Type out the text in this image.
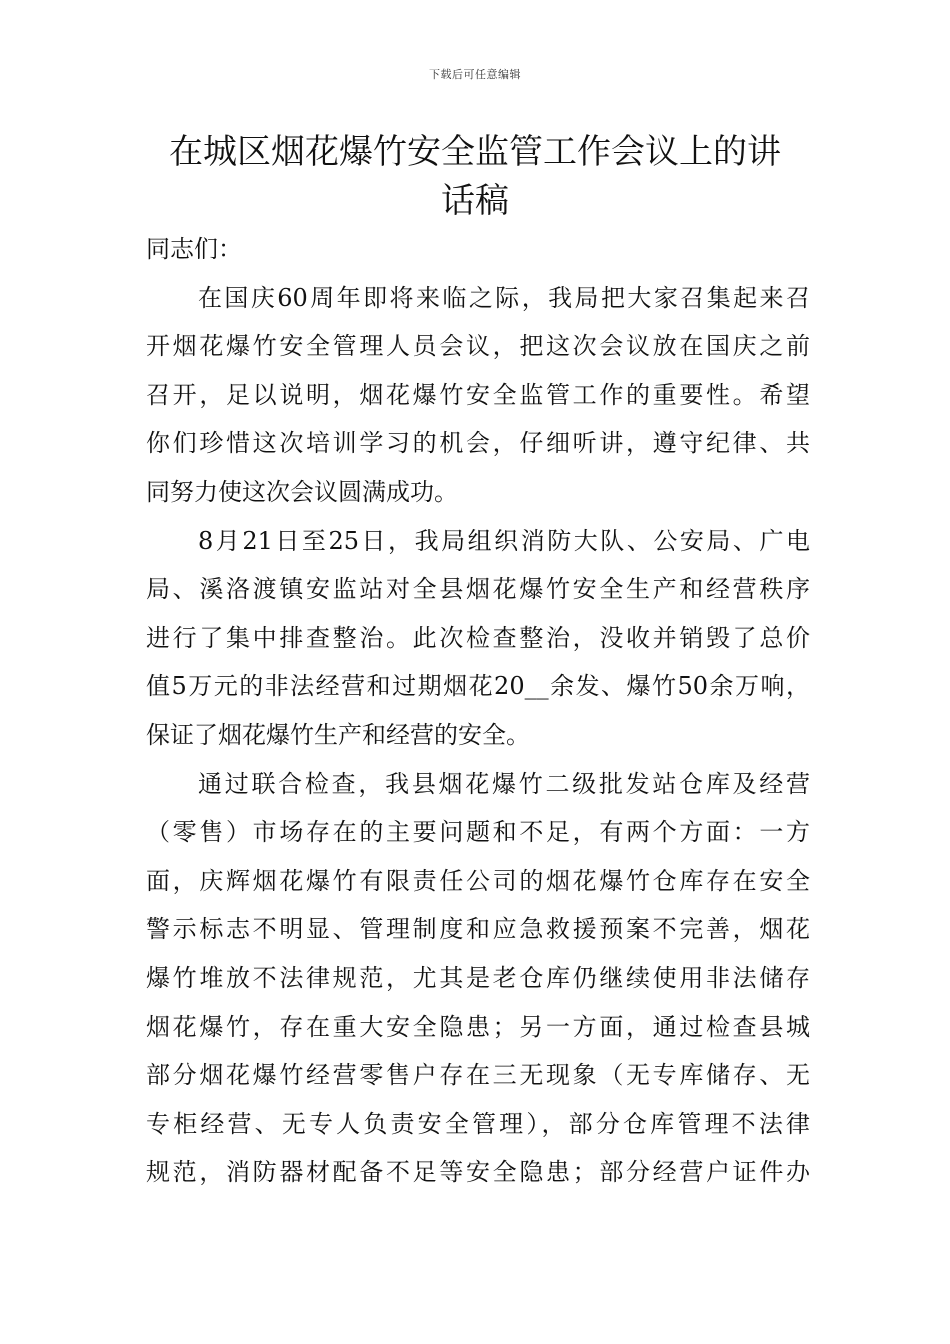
下载后可任意编辑
在城区烟花爆竹安全监管工作会议上的讲
话稿

同志们：

在国庆60周年即将来临之际，我局把大家召集起来召
开烟花爆竹安全管理人员会议，把这次会议放在国庆之前
召开，足以说明，烟花爆竹安全监管工作的重要性。希望
你们珍惜这次培训学习的机会，仔细听讲，遵守纪律、共
同努力使这次会议圆满成功。
8月21日至25日，我局组织消防大队、公安局、广电
局、溪洛渡镇安监站对全县烟花爆竹安全生产和经营秩序
进行了集中排查整治。此次检查整治，没收并销毁了总价
值5万元的非法经营和过期烟花20__余发、爆竹50余万响，
保证了烟花爆竹生产和经营的安全。
通过联合检查，我县烟花爆竹二级批发站仓库及经营
（零售）市场存在的主要问题和不足，有两个方面：一方
面，庆辉烟花爆竹有限责任公司的烟花爆竹仓库存在安全
警示标志不明显、管理制度和应急救援预案不完善，烟花
爆竹堆放不法律规范，尤其是老仓库仍继续使用非法储存
烟花爆竹，存在重大安全隐患；另一方面，通过检查县城
部分烟花爆竹经营零售户存在三无现象（无专库储存、无
专柜经营、无专人负责安全管理），部分仓库管理不法律
规范，消防器材配备不足等安全隐患；部分经营户证件办
